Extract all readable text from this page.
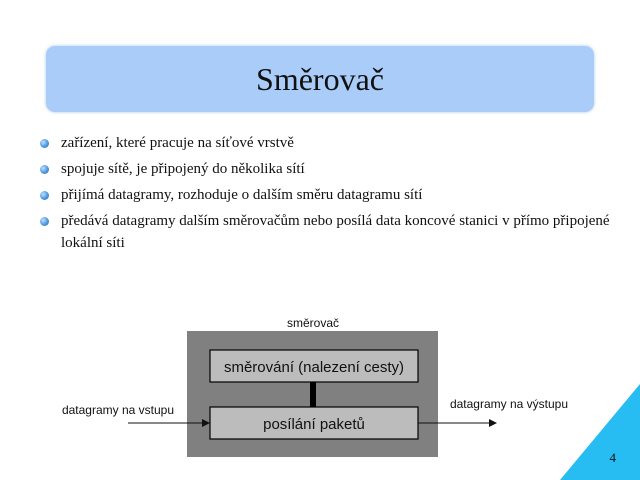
Směrovač
zařízení, které pracuje na síťové vrstvě
spojuje sítě, je připojený do několika sítí
přijímá datagramy, rozhoduje o dalším směru datagramu sítí
předává datagramy dalším směrovačům nebo posílá data koncové stanici v přímo připojené lokální síti
směrovač
směrování (nalezení cesty)
posílání paketů
datagramy na vstupu	datagramy na výstupu
4
